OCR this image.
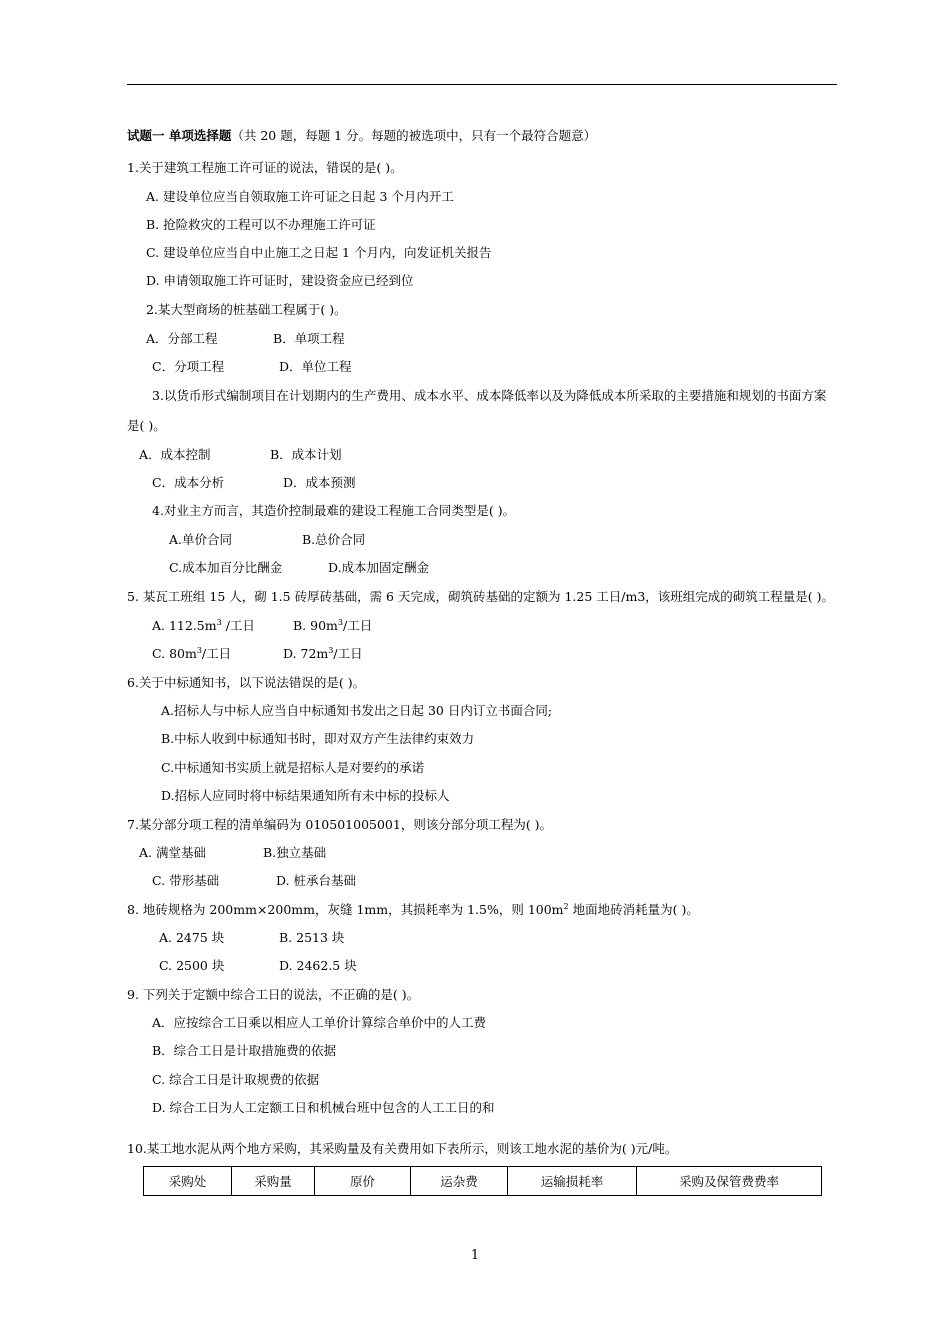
试题一 单项选择题（共 20 题，每题 1 分。每题的被选项中，只有一个最符合题意）
1.关于建筑工程施工许可证的说法，错误的是( )。
A. 建设单位应当自领取施工许可证之日起 3 个月内开工
B. 抢险救灾的工程可以不办理施工许可证
C. 建设单位应当自中止施工之日起 1 个月内，向发证机关报告
D. 申请领取施工许可证时，建设资金应已经到位
2.某大型商场的桩基础工程属于( )。
A．分部工程	B．单项工程
C．分项工程	D．单位工程
3.以货币形式编制项目在计划期内的生产费用、成本水平、成本降低率以及为降低成本所采取的主要措施和规划的书面方案
是( )。
A．成本控制	B．成本计划
C．成本分析	D．成本预测
4.对业主方而言，其造价控制最难的建设工程施工合同类型是( )。
A.单价合同	B.总价合同
C.成本加百分比酬金	D.成本加固定酬金
5. 某瓦工班组 15 人，砌 1.5 砖厚砖基础，需 6 天完成，砌筑砖基础的定额为 1.25 工日/m3，该班组完成的砌筑工程量是( )。
A. $112.5m^3$ /工日	B. $90m^3/$工日
C. $80m^3/$工日	D. $72m^3/$工日
6.关于中标通知书，以下说法错误的是( )。
A.招标人与中标人应当自中标通知书发出之日起 30 日内订立书面合同;
B.中标人收到中标通知书时，即对双方产生法律约束效力
C.中标通知书实质上就是招标人是对要约的承诺
D.招标人应同时将中标结果通知所有未中标的投标人
7.某分部分项工程的清单编码为 010501005001，则该分部分项工程为( )。
A. 满堂基础	B.独立基础
C. 带形基础	D. 桩承台基础
8. 地砖规格为 200mm×200mm，灰缝 1mm，其损耗率为 1.5%，则 $100m^2$ 地面地砖消耗量为( )。
A. 2475 块	B. 2513 块
C. 2500 块	D. 2462.5 块
9. 下列关于定额中综合工日的说法，不正确的是( )。
A．应按综合工日乘以相应人工单价计算综合单价中的人工费
B．综合工日是计取措施费的依据
C. 综合工日是计取规费的依据
D. 综合工日为人工定额工日和机械台班中包含的人工工日的和
10.某工地水泥从两个地方采购，其采购量及有关费用如下表所示，则该工地水泥的基价为( )元/吨。
采购处	采购量	原价	运杂费	运输损耗率	采购及保管费费率
1
